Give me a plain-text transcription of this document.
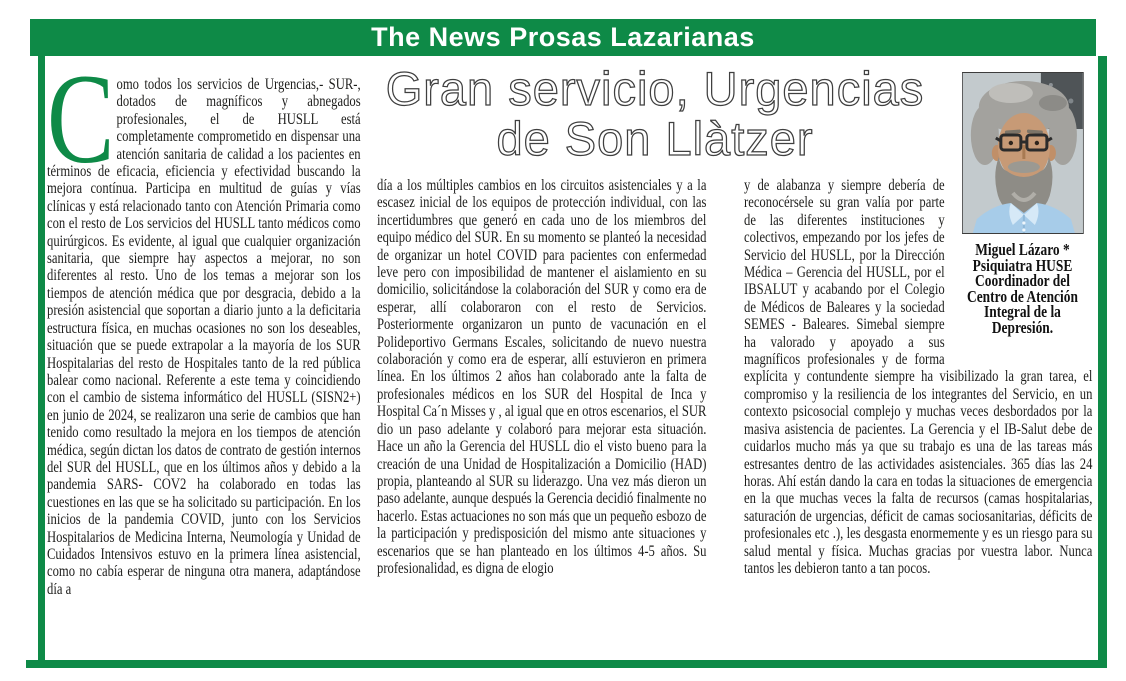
The News Prosas Lazarianas
Gran servicio, Urgencias
de Son Llàtzer
Como todos los servicios de Urgencias,- SUR-, dotados de magníficos y abnegados profesionales, el de HUSLL está completamente comprometido en dispensar una atención sanitaria de calidad a los pacientes en términos de eficacia, eficiencia y efectividad buscando la mejora contínua. Participa en multitud de guías y vías clínicas y está relacionado tanto con Atención Primaria como con el resto de Los servicios del HUSLL tanto médicos como quirúrgicos. Es evidente, al igual que cualquier organización sanitaria, que siempre hay aspectos a mejorar, no son diferentes al resto. Uno de los temas a mejorar son los tiempos de atención médica que por desgracia, debido a la presión asistencial que soportan a diario junto a la deficitaria estructura física, en muchas ocasiones no son los deseables, situación que se puede extrapolar a la mayoría de los SUR Hospitalarias del resto de Hospitales tanto de la red pública balear como nacional. Referente a este tema y coincidiendo con el cambio de sistema informático del HUSLL (SISN2+) en junio de 2024, se realizaron una serie de cambios que han tenido como resultado la mejora en los tiempos de atención médica, según dictan los datos de contrato de gestión internos del SUR del HUSLL, que en los últimos años y debido a la pandemia SARS- COV2 ha colaborado en todas las cuestiones en las que se ha solicitado su participación. En los inicios de la pandemia COVID, junto con los Servicios Hospitalarios de Medicina Interna, Neumología y Unidad de Cuidados Intensivos estuvo en la primera línea asistencial, como no cabía esperar de ninguna otra manera, adaptándose día a
día a los múltiples cambios en los circuitos asistenciales y a la escasez inicial de los equipos de protección individual, con las incertidumbres que generó en cada uno de los miembros del equipo médico del SUR. En su momento se planteó la necesidad de organizar un hotel COVID para pacientes con enfermedad leve pero con imposibilidad de mantener el aislamiento en su domicilio, solicitándose la colaboración del SUR y como era de esperar, allí colaboraron con el resto de Servicios. Posteriormente organizaron un punto de vacunación en el Polideportivo Germans Escales, solicitando de nuevo nuestra colaboración y como era de esperar, allí estuvieron en primera línea. En los últimos 2 años han colaborado ante la falta de profesionales médicos en los SUR del Hospital de Inca y Hospital Ca´n Misses y , al igual que en otros escenarios, el SUR dio un paso adelante y colaboró para mejorar esta situación. Hace un año la Gerencia del HUSLL dio el visto bueno para la creación de una Unidad de Hospitalización a Domicilio (HAD) propia, planteando al SUR su liderazgo. Una vez más dieron un paso adelante, aunque después la Gerencia decidió finalmente no hacerlo. Estas actuaciones no son más que un pequeño esbozo de la participación y predisposición del mismo ante situaciones y escenarios que se han planteado en los últimos 4-5 años. Su profesionalidad, es digna de elogio
Miguel Lázaro *
Psiquiatra HUSE
Coordinador del
Centro de Atención
Integral de la
Depresión.
y de alabanza y siempre debería de reconocérsele su gran valía por parte de las diferentes instituciones y colectivos, empezando por los jefes de Servicio del HUSLL, por la Dirección Médica – Gerencia del HUSLL, por el IBSALUT y acabando por el Colegio de Médicos de Baleares y la sociedad SEMES - Baleares. Simebal siempre ha valorado y apoyado a sus magníficos profesionales y de forma explícita y contundente siempre ha visibilizado la gran tarea, el compromiso y la resiliencia de los integrantes del Servicio, en un contexto psicosocial complejo y muchas veces desbordados por la masiva asistencia de pacientes. La Gerencia y el IB-Salut debe de cuidarlos mucho más ya que su trabajo es una de las tareas más estresantes dentro de las actividades asistenciales. 365 días las 24 horas. Ahí están dando la cara en todas la situaciones de emergencia en la que muchas veces la falta de recursos (camas hospitalarias, saturación de urgencias, déficit de camas sociosanitarias, déficits de profesionales etc .), les desgasta enormemente y es un riesgo para su salud mental y física. Muchas gracias por vuestra labor. Nunca tantos les debieron tanto a tan pocos.
